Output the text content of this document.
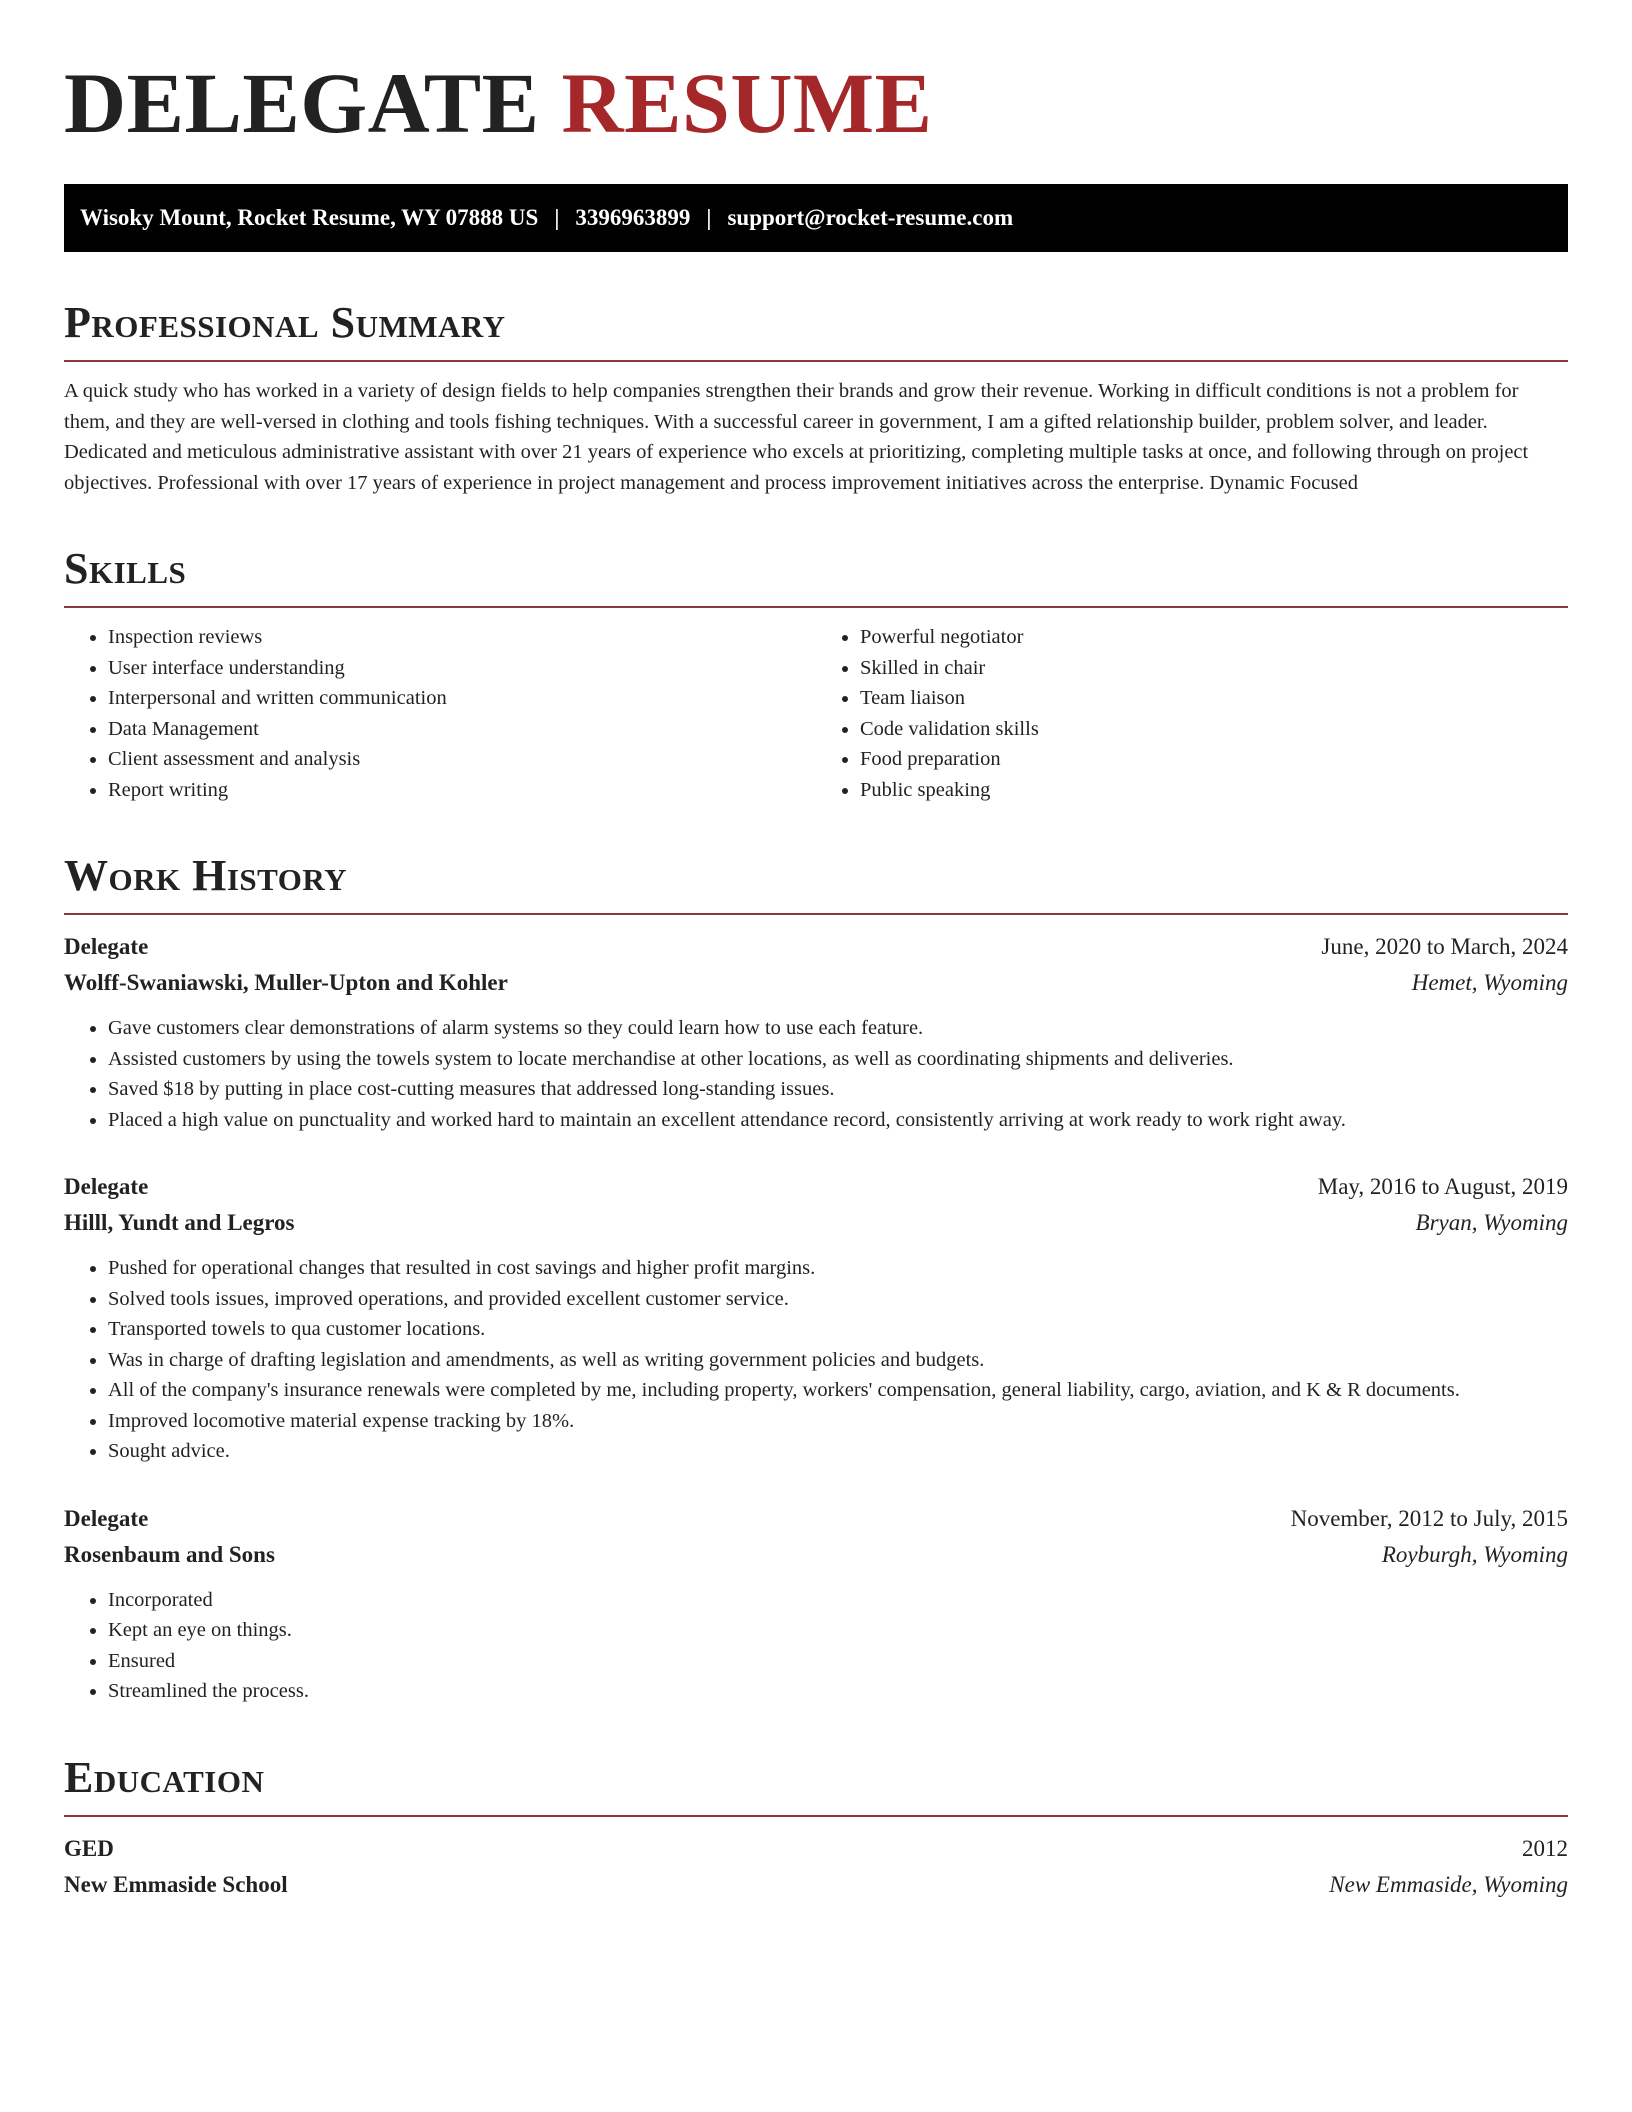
DELEGATE RESUME
Wisoky Mount, Rocket Resume, WY 07888 US | 3396963899 | support@rocket-resume.com
Professional Summary

A quick study who has worked in a variety of design fields to help companies strengthen their brands and grow their revenue. Working in difficult conditions is not a problem for them, and they are well-versed in clothing and tools fishing techniques. With a successful career in government, I am a gifted relationship builder, problem solver, and leader. Dedicated and meticulous administrative assistant with over 21 years of experience who excels at prioritizing, completing multiple tasks at once, and following through on project objectives. Professional with over 17 years of experience in project management and process improvement initiatives across the enterprise. Dynamic Focused

Skills
• Inspection reviews
• User interface understanding
• Interpersonal and written communication
• Data Management
• Client assessment and analysis
• Report writing
• Powerful negotiator
• Skilled in chair
• Team liaison
• Code validation skills
• Food preparation
• Public speaking
Work History
Delegate	June, 2020 to March, 2024
Wolff-Swaniawski, Muller-Upton and Kohler	Hemet, Wyoming
• Gave customers clear demonstrations of alarm systems so they could learn how to use each feature.
• Assisted customers by using the towels system to locate merchandise at other locations, as well as coordinating shipments and deliveries.
• Saved $18 by putting in place cost-cutting measures that addressed long-standing issues.
• Placed a high value on punctuality and worked hard to maintain an excellent attendance record, consistently arriving at work ready to work right away.
Delegate	May, 2016 to August, 2019
Hilll, Yundt and Legros	Bryan, Wyoming
• Pushed for operational changes that resulted in cost savings and higher profit margins.
• Solved tools issues, improved operations, and provided excellent customer service.
• Transported towels to qua customer locations.
• Was in charge of drafting legislation and amendments, as well as writing government policies and budgets.
• All of the company's insurance renewals were completed by me, including property, workers' compensation, general liability, cargo, aviation, and K & R documents.
• Improved locomotive material expense tracking by 18%.
• Sought advice.
Delegate	November, 2012 to July, 2015
Rosenbaum and Sons	Royburgh, Wyoming
• Incorporated
• Kept an eye on things.
• Ensured
• Streamlined the process.
Education
GED	2012
New Emmaside School	New Emmaside, Wyoming
